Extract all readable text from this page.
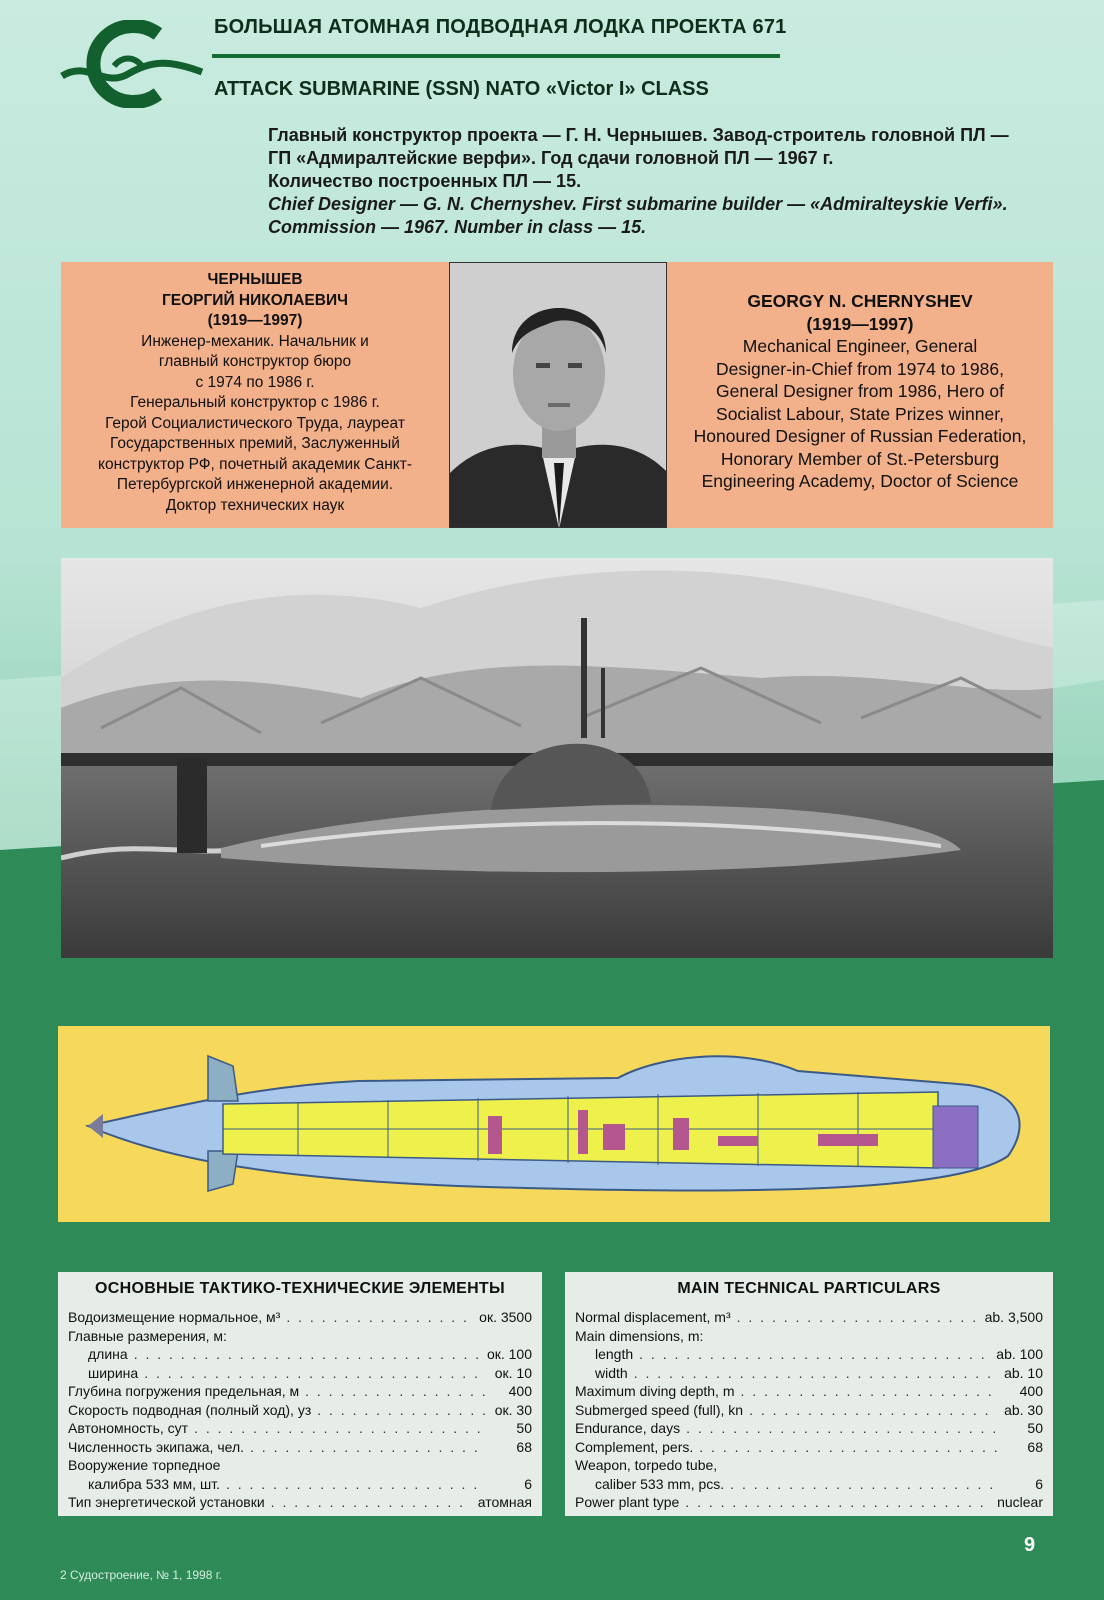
БОЛЬШАЯ АТОМНАЯ ПОДВОДНАЯ ЛОДКА ПРОЕКТА 671
ATTACK SUBMARINE (SSN) NATO «Victor I» CLASS
Главный конструктор проекта — Г. Н. Чернышев. Завод-строитель головной ПЛ —
ГП «Адмиралтейские верфи». Год сдачи головной ПЛ — 1967 г.
Количество построенных ПЛ — 15.
Chief Designer — G. N. Chernyshev. First submarine builder — «Admiralteyskie Verfi».
Commission — 1967. Number in class — 15.
ЧЕРНЫШЕВ
ГЕОРГИЙ НИКОЛАЕВИЧ
(1919—1997)
Инженер-механик. Начальник и
главный конструктор бюро
с 1974 по 1986 г.
Генеральный конструктор с 1986 г.
Герой Социалистического Труда, лауреат
Государственных премий, Заслуженный
конструктор РФ, почетный академик Санкт-
Петербургской инженерной академии.
Доктор технических наук
GEORGY N. CHERNYSHEV
(1919—1997)
Mechanical Engineer, General
Designer-in-Chief from 1974 to 1986,
General Designer from 1986, Hero of
Socialist Labour, State Prizes winner,
Honoured Designer of Russian Federation,
Honorary Member of St.-Petersburg
Engineering Academy, Doctor of Science
ОСНОВНЫЕ ТАКТИКО-ТЕХНИЧЕСКИЕ ЭЛЕМЕНТЫ
Водоизмещение нормальное, м³ . . .	ок. 3500
Главные размерения, м:
длина . . .	ок. 100
ширина . . .	ок. 10
Глубина погружения предельная, м . . .	400
Скорость подводная (полный ход), уз . . .	ок. 30
Автономность, сут . . .	50
Численность экипажа, чел. . . .	68
Вооружение торпедное
калибра 533 мм, шт. . . .	6
Тип энергетической установки . . .	атомная
MAIN TECHNICAL PARTICULARS
Normal displacement, m³ . . .	ab. 3,500
Main dimensions, m:
length . . .	ab. 100
width . . .	ab. 10
Maximum diving depth, m . . .	400
Submerged speed (full), kn . . .	ab. 30
Endurance, days . . .	50
Complement, pers. . . .	68
Weapon, torpedo tube,
caliber 533 mm, pcs. . . .	6
Power plant type . . .	nuclear
9
2 Судостроение, № 1, 1998 г.
